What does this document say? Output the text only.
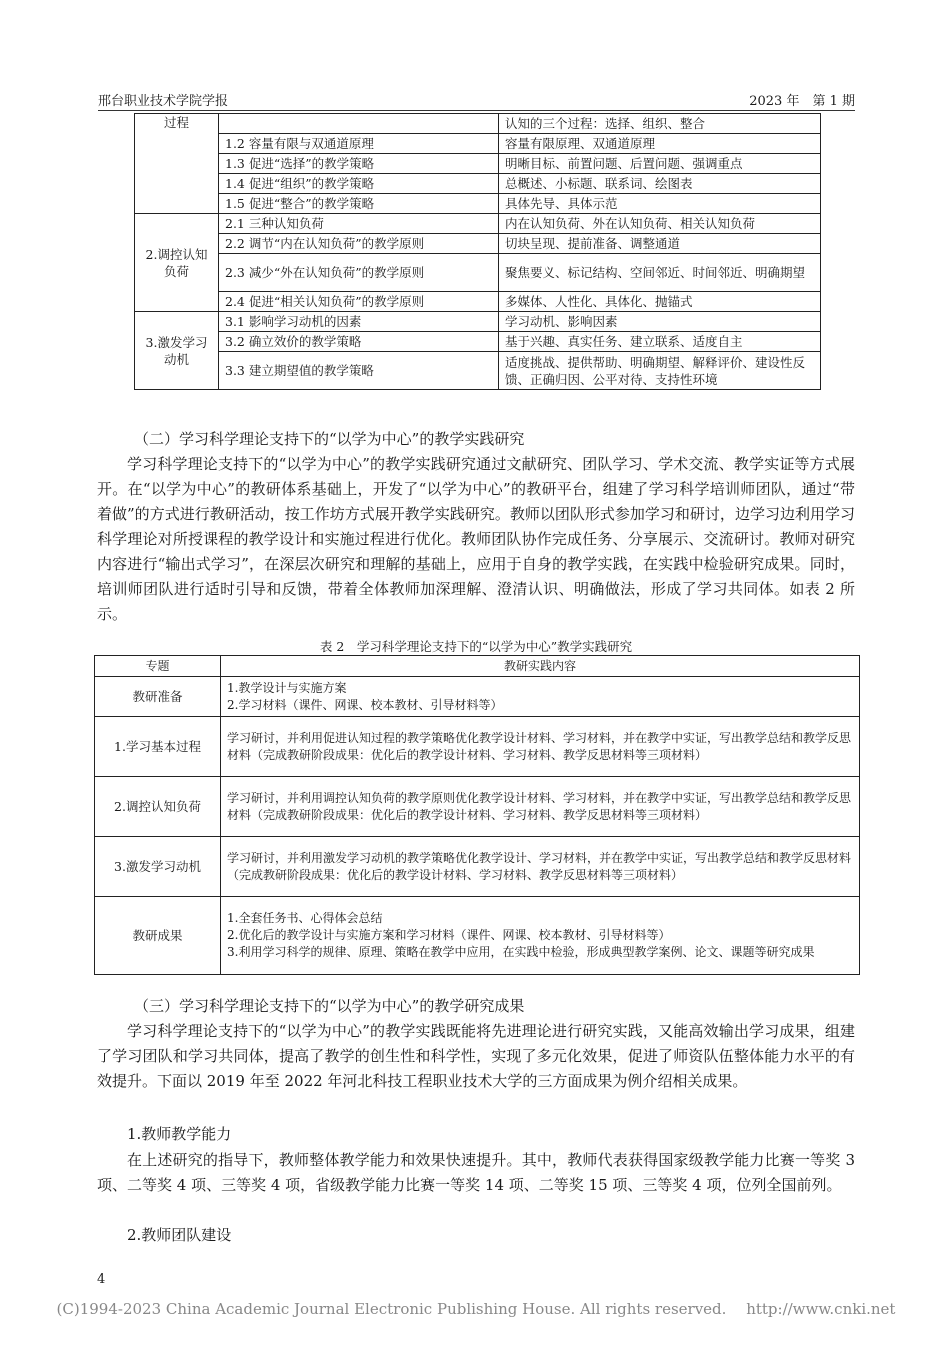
邢台职业技术学院学报	2023 年　第 1 期
过程		认知的三个过程：选择、组织、整合
	1.2 容量有限与双通道原理	容量有限原理、双通道原理
	1.3 促进“选择”的教学策略	明晰目标、前置问题、后置问题、强调重点
	1.4 促进“组织”的教学策略	总概述、小标题、联系词、绘图表
	1.5 促进“整合”的教学策略	具体先导、具体示范
2.调控认知负荷	2.1 三种认知负荷	内在认知负荷、外在认知负荷、相关认知负荷
	2.2 调节“内在认知负荷”的教学原则	切块呈现、提前准备、调整通道
	2.3 减少“外在认知负荷”的教学原则	聚焦要义、标记结构、空间邻近、时间邻近、明确期望
	2.4 促进“相关认知负荷”的教学原则	多媒体、人性化、具体化、抛锚式
3.激发学习动机	3.1 影响学习动机的因素	学习动机、影响因素
	3.2 确立效价的教学策略	基于兴趣、真实任务、建立联系、适度自主
	3.3 建立期望值的教学策略	适度挑战、提供帮助、明确期望、解释评价、建设性反馈、正确归因、公平对待、支持性环境

（二）学习科学理论支持下的“以学为中心”的教学实践研究

学习科学理论支持下的“以学为中心”的教学实践研究通过文献研究、团队学习、学术交流、教学实证等方式展开。在“以学为中心”的教研体系基础上，开发了“以学为中心”的教研平台，组建了学习科学培训师团队，通过“带着做”的方式进行教研活动，按工作坊方式展开教学实践研究。教师以团队形式参加学习和研讨，边学习边利用学习科学理论对所授课程的教学设计和实施过程进行优化。教师团队协作完成任务、分享展示、交流研讨。教师对研究内容进行“输出式学习”，在深层次研究和理解的基础上，应用于自身的教学实践，在实践中检验研究成果。同时，培训师团队进行适时引导和反馈，带着全体教师加深理解、澄清认识、明确做法，形成了学习共同体。如表 2 所示。

表 2　学习科学理论支持下的“以学为中心”教学实践研究
专题	教研实践内容
教研准备	1.教学设计与实施方案
2.学习材料（课件、网课、校本教材、引导材料等）

1.学习基本过程	学习研讨，并利用促进认知过程的教学策略优化教学设计材料、学习材料，并在教学中实证，写出教学总结和教学反思材料（完成教研阶段成果：优化后的教学设计材料、学习材料、教学反思材料等三项材料）

2.调控认知负荷	学习研讨，并利用调控认知负荷的教学原则优化教学设计材料、学习材料，并在教学中实证，写出教学总结和教学反思材料（完成教研阶段成果：优化后的教学设计材料、学习材料、教学反思材料等三项材料）

3.激发学习动机	学习研讨，并利用激发学习动机的教学策略优化教学设计、学习材料，并在教学中实证，写出教学总结和教学反思材料（完成教研阶段成果：优化后的教学设计材料、学习材料、教学反思材料等三项材料）

教研成果	1.全套任务书、心得体会总结
2.优化后的教学设计与实施方案和学习材料（课件、网课、校本教材、引导材料等）
3.利用学习科学的规律、原理、策略在教学中应用，在实践中检验，形成典型教学案例、论文、课题等研究成果

（三）学习科学理论支持下的“以学为中心”的教学研究成果

学习科学理论支持下的“以学为中心”的教学实践既能将先进理论进行研究实践，又能高效输出学习成果，组建了学习团队和学习共同体，提高了教学的创生性和科学性，实现了多元化效果，促进了师资队伍整体能力水平的有效提升。下面以 2019 年至 2022 年河北科技工程职业技术大学的三方面成果为例介绍相关成果。

1.教师教学能力

在上述研究的指导下，教师整体教学能力和效果快速提升。其中，教师代表获得国家级教学能力比赛一等奖 3 项、二等奖 4 项、三等奖 4 项，省级教学能力比赛一等奖 14 项、二等奖 15 项、三等奖 4 项，位列全国前列。

2.教师团队建设

4
(C)1994-2023 China Academic Journal Electronic Publishing House. All rights reserved.　 http://www.cnki.net
